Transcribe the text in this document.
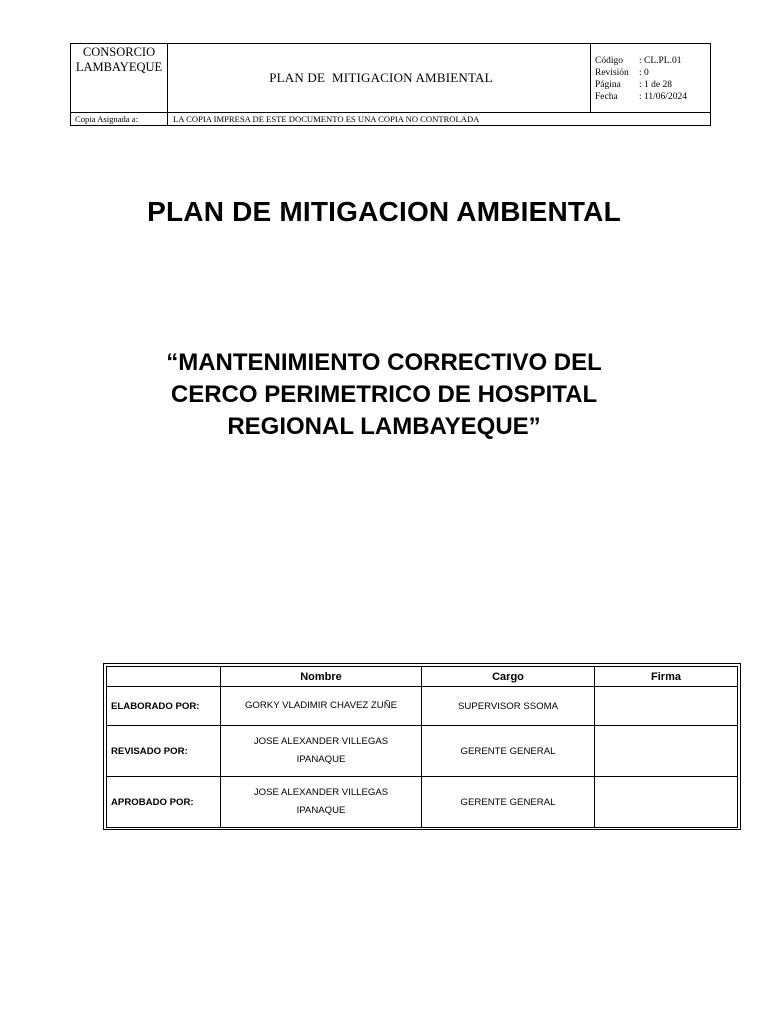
CONSORCIO
LAMBAYEQUE
PLAN DE  MITIGACION AMBIENTAL
Código	: CL.PL.01
Revisión	: 0
Página	: 1 de 28
Fecha	: 11/06/2024
Copia Asignada a:	LA COPIA IMPRESA DE ESTE DOCUMENTO ES UNA COPIA NO CONTROLADA
PLAN DE MITIGACION AMBIENTAL
“MANTENIMIENTO CORRECTIVO DEL
CERCO PERIMETRICO DE HOSPITAL
REGIONAL LAMBAYEQUE”
	Nombre	Cargo	Firma
ELABORADO POR:	GORKY VLADIMIR CHAVEZ ZUÑE	SUPERVISOR SSOMA	
REVISADO POR:	JOSE ALEXANDER VILLEGAS
IPANAQUE	GERENTE GENERAL	
APROBADO POR:	JOSE ALEXANDER VILLEGAS
IPANAQUE	GERENTE GENERAL	
